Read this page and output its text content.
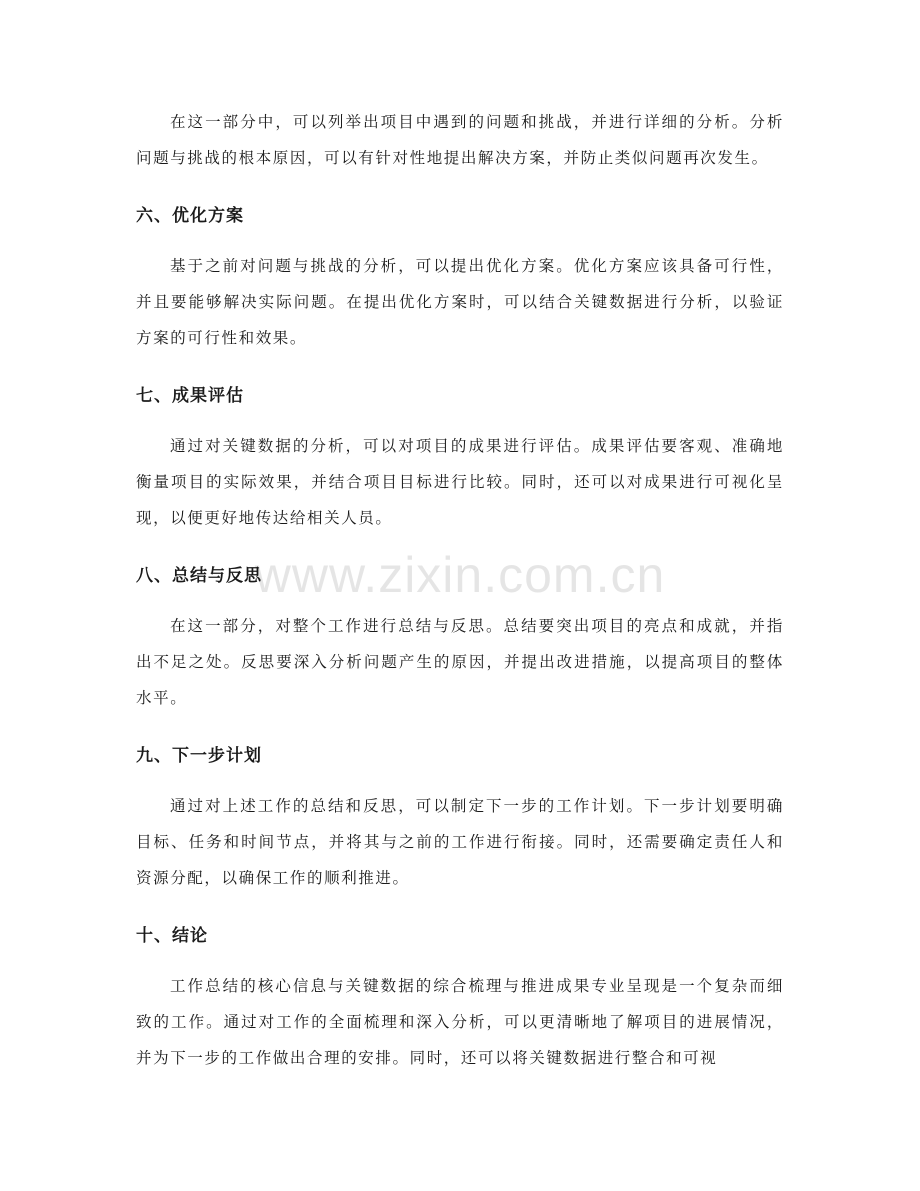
在这一部分中，可以列举出项目中遇到的问题和挑战，并进行详细的分析。分析问题与挑战的根本原因，可以有针对性地提出解决方案，并防止类似问题再次发生。

六、优化方案

基于之前对问题与挑战的分析，可以提出优化方案。优化方案应该具备可行性，并且要能够解决实际问题。在提出优化方案时，可以结合关键数据进行分析，以验证方案的可行性和效果。

七、成果评估

通过对关键数据的分析，可以对项目的成果进行评估。成果评估要客观、准确地衡量项目的实际效果，并结合项目目标进行比较。同时，还可以对成果进行可视化呈现，以便更好地传达给相关人员。

八、总结与反思

在这一部分，对整个工作进行总结与反思。总结要突出项目的亮点和成就，并指出不足之处。反思要深入分析问题产生的原因，并提出改进措施，以提高项目的整体水平。

九、下一步计划

通过对上述工作的总结和反思，可以制定下一步的工作计划。下一步计划要明确目标、任务和时间节点，并将其与之前的工作进行衔接。同时，还需要确定责任人和资源分配，以确保工作的顺利推进。

十、结论

工作总结的核心信息与关键数据的综合梳理与推进成果专业呈现是一个复杂而细致的工作。通过对工作的全面梳理和深入分析，可以更清晰地了解项目的进展情况，并为下一步的工作做出合理的安排。同时，还可以将关键数据进行整合和可视

www.zixin.com.cn
